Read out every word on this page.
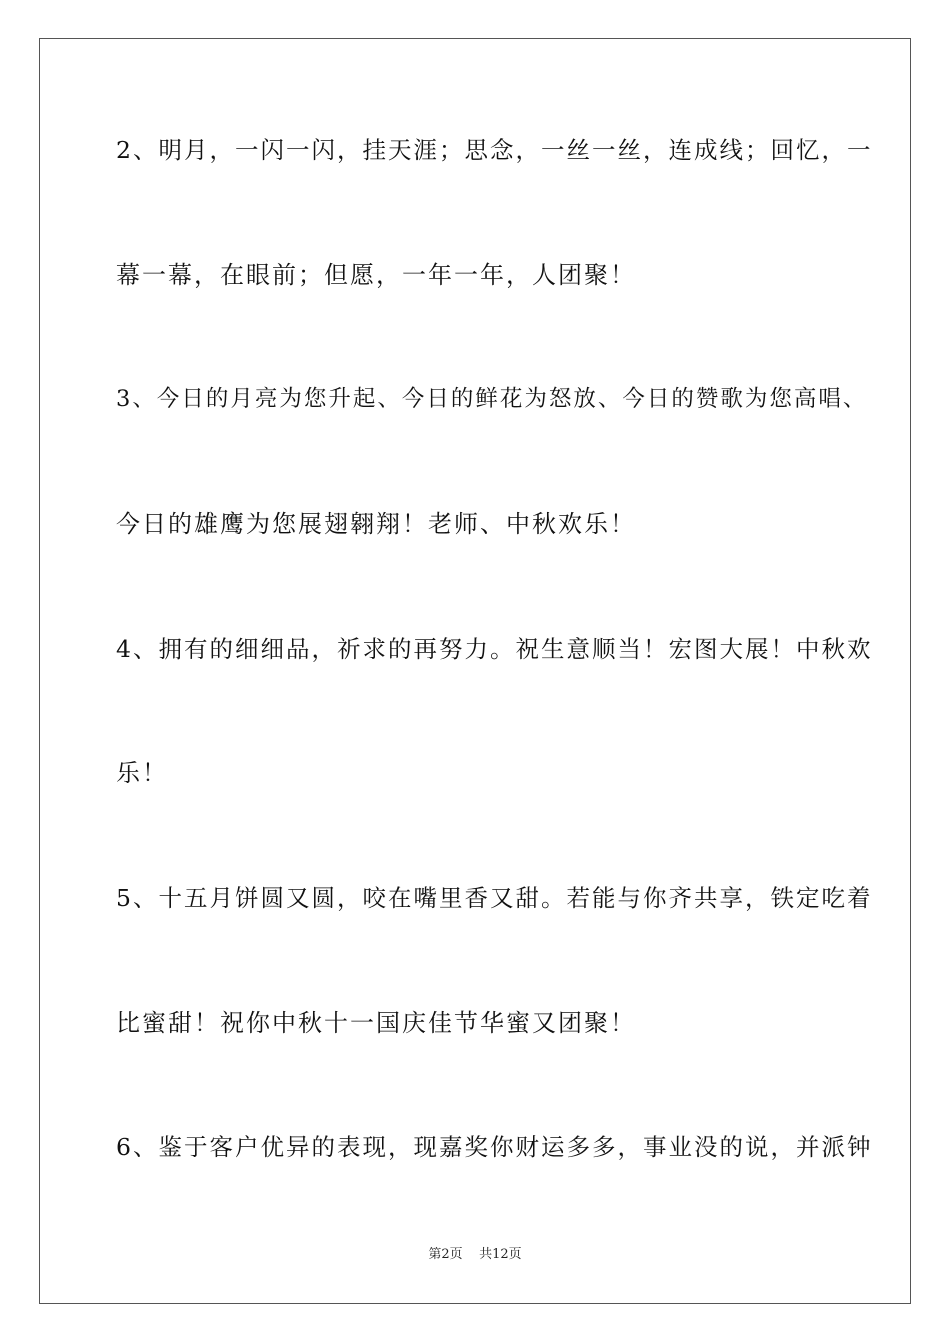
2、明月，一闪一闪，挂天涯；思念，一丝一丝，连成线；回忆，一
幕一幕，在眼前；但愿，一年一年，人团聚！
3、今日的月亮为您升起、今日的鲜花为怒放、今日的赞歌为您高唱、
今日的雄鹰为您展翅翱翔！老师、中秋欢乐！
4、拥有的细细品，祈求的再努力。祝生意顺当！宏图大展！中秋欢
乐！
5、十五月饼圆又圆，咬在嘴里香又甜。若能与你齐共享，铁定吃着
比蜜甜！祝你中秋十一国庆佳节华蜜又团聚！
6、鉴于客户优异的表现，现嘉奖你财运多多，事业没的说，并派钟
第2页 共12页
